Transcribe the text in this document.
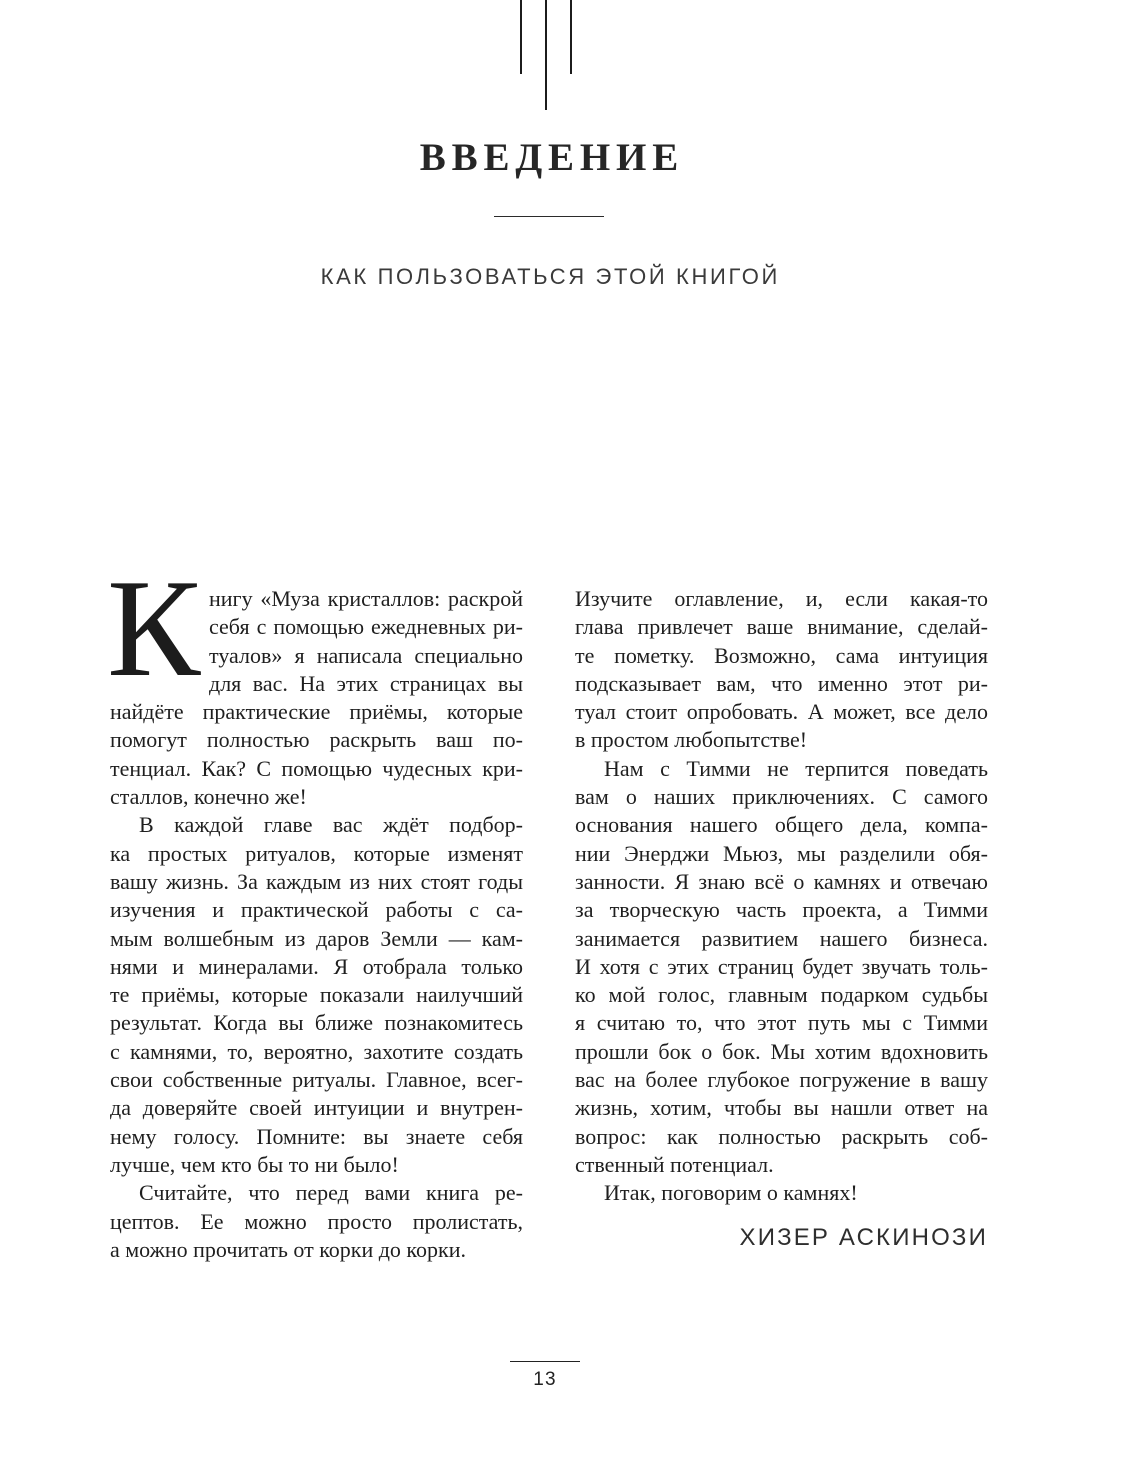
ВВЕДЕНИЕ
КАК ПОЛЬЗОВАТЬСЯ ЭТОЙ КНИГОЙ
К нигу «Муза кристаллов: раскрой
себя с помощью ежедневных ри-
туалов» я написала специально
для вас. На этих страницах вы
найдёте практические приёмы, которые
помогут полностью раскрыть ваш по-
тенциал. Как? С помощью чудесных кри-
сталлов, конечно же!
В каждой главе вас ждёт подбор-
ка простых ритуалов, которые изменят
вашу жизнь. За каждым из них стоят годы
изучения и практической работы с са-
мым волшебным из даров Земли — кам-
нями и минералами. Я отобрала только
те приёмы, которые показали наилучший
результат. Когда вы ближе познакомитесь
с камнями, то, вероятно, захотите создать
свои собственные ритуалы. Главное, всег-
да доверяйте своей интуиции и внутрен-
нему голосу. Помните: вы знаете себя
лучше, чем кто бы то ни было!
Считайте, что перед вами книга ре-
цептов. Ее можно просто пролистать,
а можно прочитать от корки до корки.
Изучите оглавление, и, если какая-то
глава привлечет ваше внимание, сделай-
те пометку. Возможно, сама интуиция
подсказывает вам, что именно этот ри-
туал стоит опробовать. А может, все дело
в простом любопытстве!
Нам с Тимми не терпится поведать
вам о наших приключениях. С самого
основания нашего общего дела, компа-
нии Энерджи Мьюз, мы разделили обя-
занности. Я знаю всё о камнях и отвечаю
за творческую часть проекта, а Тимми
занимается развитием нашего бизнеса.
И хотя с этих страниц будет звучать толь-
ко мой голос, главным подарком судьбы
я считаю то, что этот путь мы с Тимми
прошли бок о бок. Мы хотим вдохновить
вас на более глубокое погружение в вашу
жизнь, хотим, чтобы вы нашли ответ на
вопрос: как полностью раскрыть соб-
ственный потенциал.
Итак, поговорим о камнях!
ХИЗЕР АСКИНОЗИ
13
